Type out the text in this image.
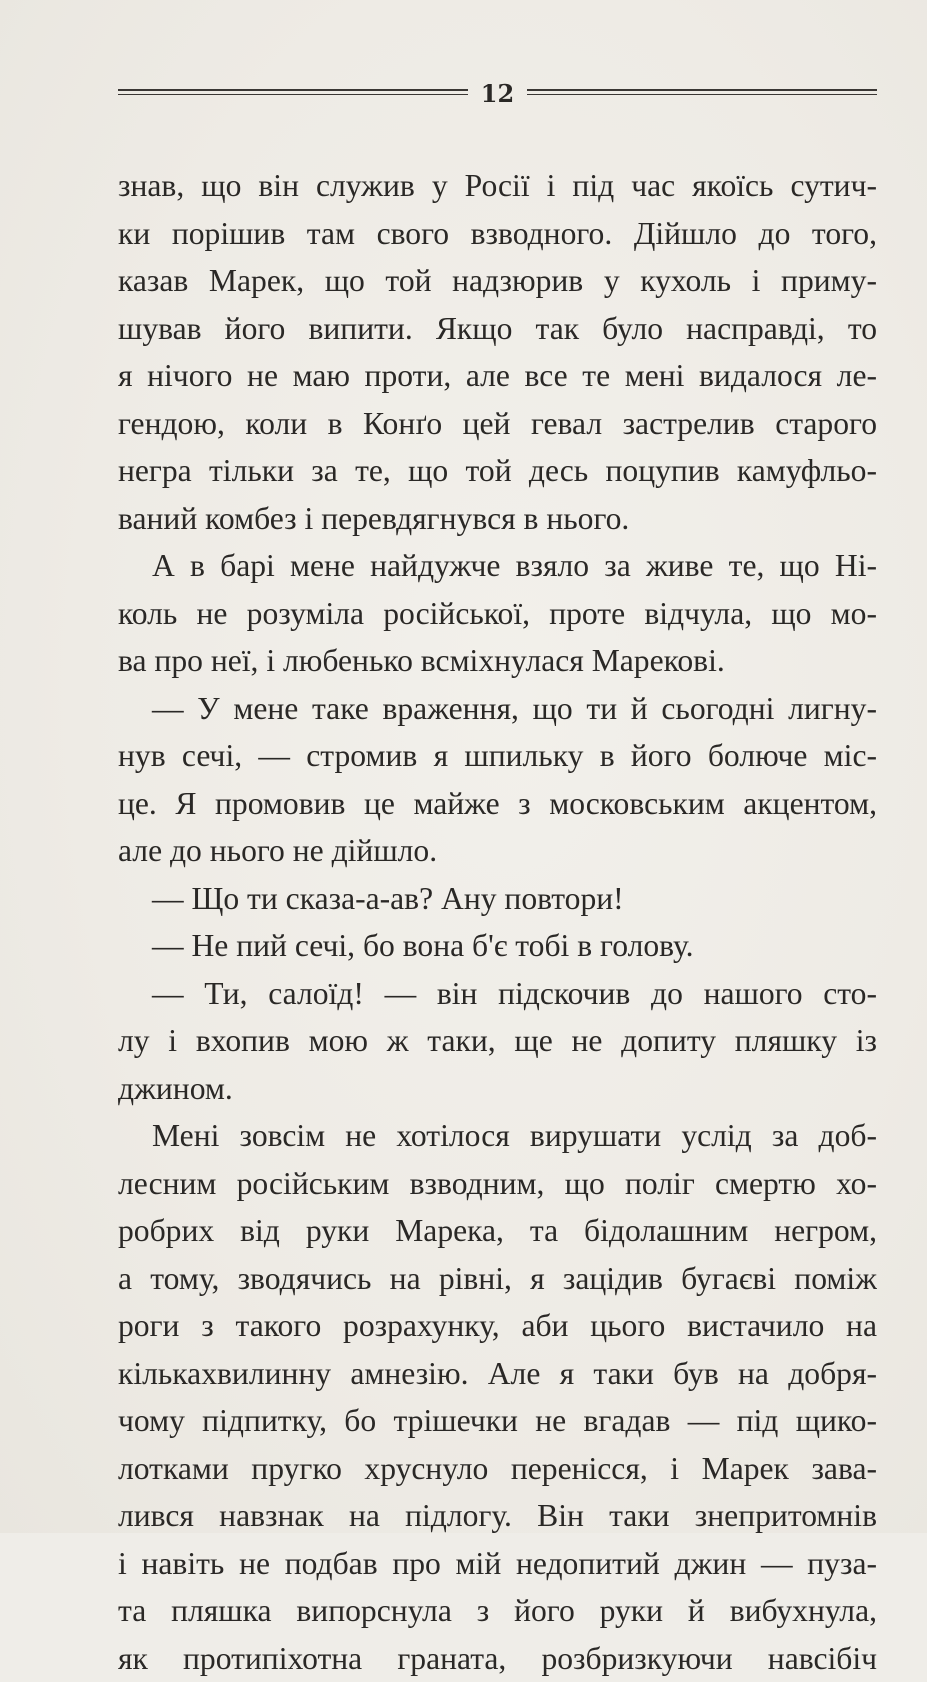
12
знав, що він служив у Росії і під час якоїсь сутич-
ки порішив там свого взводного. Дійшло до того,
казав Марек, що той надзюрив у кухоль і приму-
шував його випити. Якщо так було насправді, то
я нічого не маю проти, але все те мені видалося ле-
гендою, коли в Конґо цей гевал застрелив старого
негра тільки за те, що той десь поцупив камуфльо-
ваний комбез і перевдягнувся в нього.
А в барі мене найдужче взяло за живе те, що Ні-
коль не розуміла російської, проте відчула, що мо-
ва про неї, і любенько всміхнулася Марекові.
— У мене таке враження, що ти й сьогодні лигну-
нув сечі, — стромив я шпильку в його болюче міс-
це. Я промовив це майже з московським акцентом,
але до нього не дійшло.
— Що ти сказа-а-ав? Ану повтори!
— Не пий сечі, бо вона б'є тобі в голову.
— Ти, салоїд! — він підскочив до нашого сто-
лу і вхопив мою ж таки, ще не допиту пляшку із
джином.
Мені зовсім не хотілося вирушати услід за доб-
лесним російським взводним, що поліг смертю хо-
робрих від руки Марека, та бідолашним негром,
а тому, зводячись на рівні, я зацідив бугаєві поміж
роги з такого розрахунку, аби цього вистачило на
кількахвилинну амнезію. Але я таки був на добря-
чому підпитку, бо трішечки не вгадав — під щико-
лотками пругко хруснуло перенісся, і Марек зава-
лився навзнак на підлогу. Він таки знепритомнів
і навіть не подбав про мій недопитий джин — пуза-
та пляшка випорснула з його руки й вибухнула,
як протипіхотна граната, розбризкуючи навсібіч
